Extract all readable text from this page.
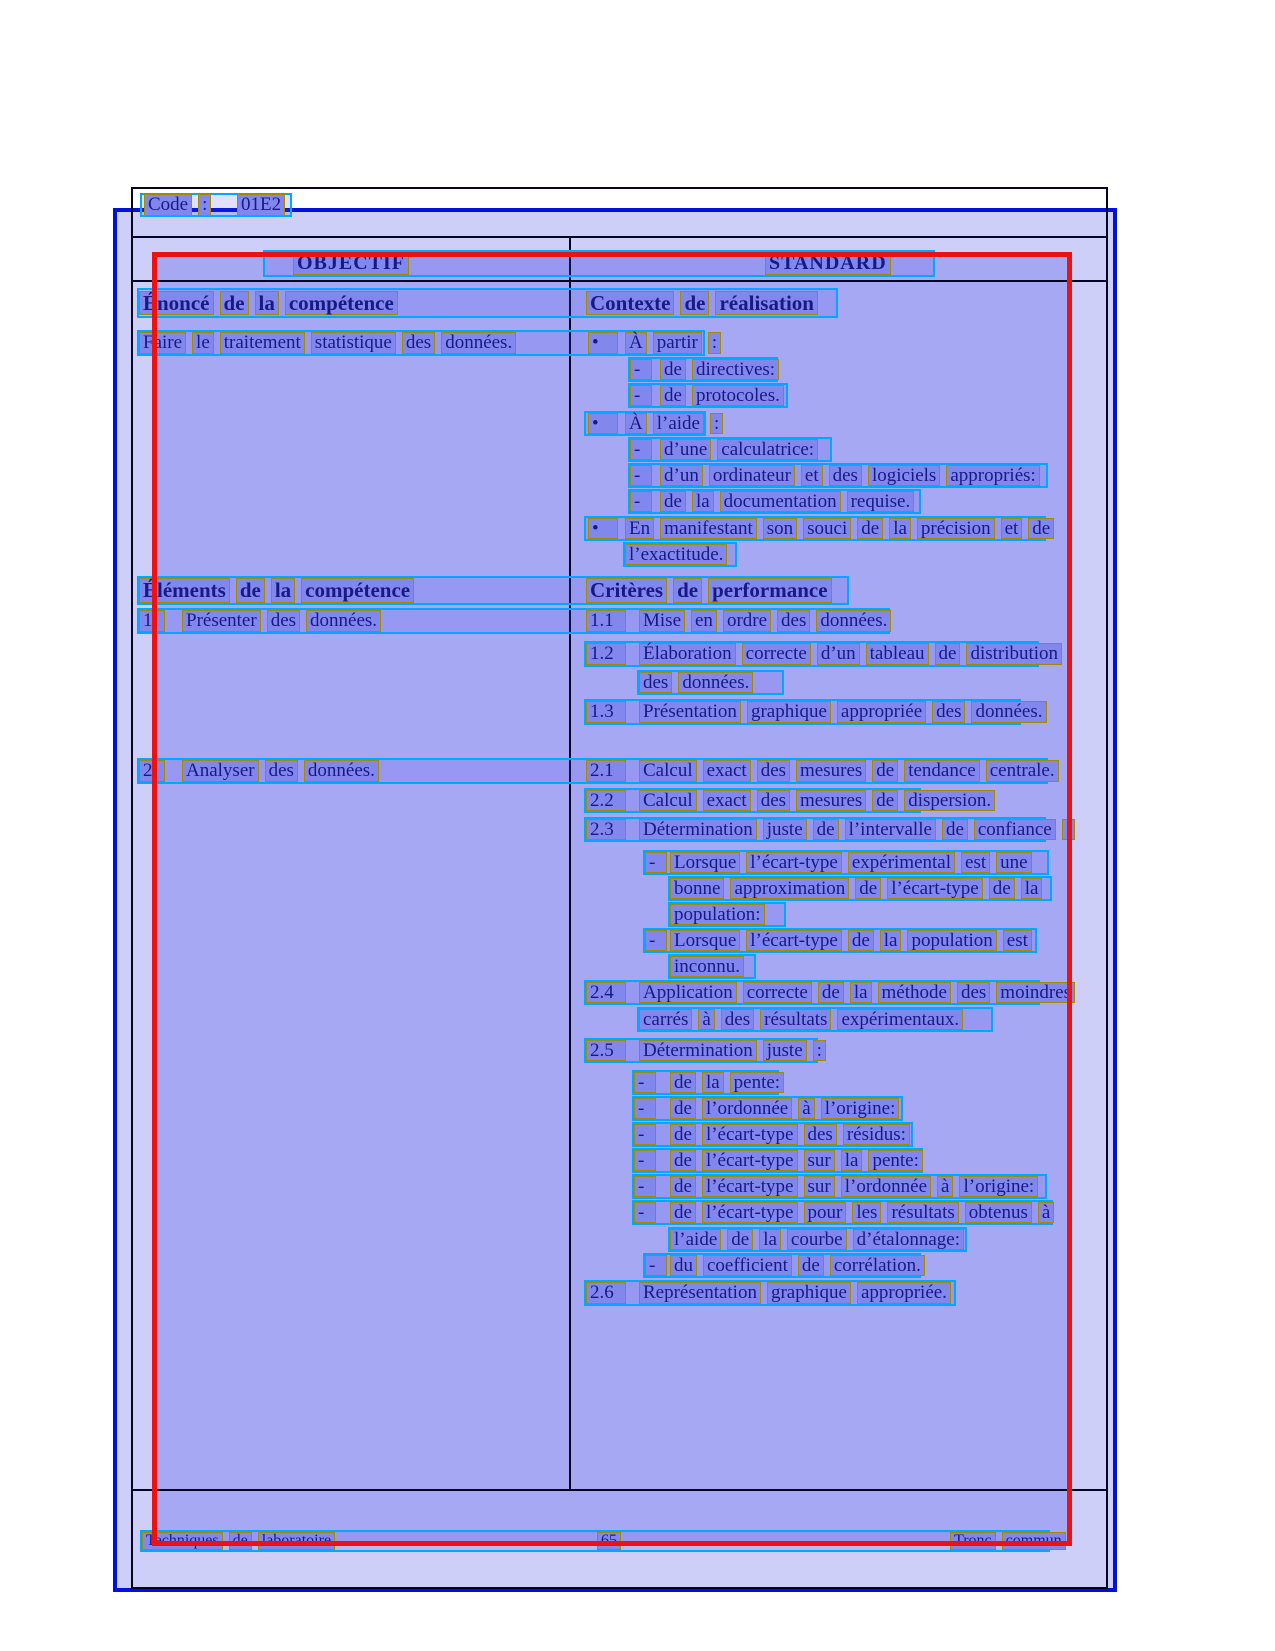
Code : 01E2
OBJECTIF	STANDARD
Énoncé de la compétence	Contexte de réalisation
Faire le traitement statistique des données.	•	À partir :
-	de directives:
-	de protocoles.
•	À l’aide :
-	d’une calculatrice:
-	d’un ordinateur et des logiciels appropriés:
-	de la documentation requise.
•	En manifestant son souci de la précision et de
l’exactitude.
Éléments de la compétence	Critères de performance
1	Présenter des données.	1.1	Mise en ordre des données.
1.2	Élaboration correcte d’un tableau de distribution
des données.
1.3	Présentation graphique appropriée des données.
2	Analyser des données.	2.1	Calcul exact des mesures de tendance centrale.
2.2	Calcul exact des mesures de dispersion.
2.3	Détermination juste de l’intervalle de confiance :
- Lorsque l’écart-type expérimental est une
bonne approximation de l’écart-type de la
population:
- Lorsque l’écart-type de la population est
inconnu.
2.4	Application correcte de la méthode des moindres
carrés à des résultats expérimentaux.
2.5	Détermination juste :
-	de la pente:
-	de l’ordonnée à l’origine:
-	de l’écart-type des résidus:
-	de l’écart-type sur la pente:
-	de l’écart-type sur l’ordonnée à l’origine:
-	de l’écart-type pour les résultats obtenus à
l’aide de la courbe d’étalonnage:
- du coefficient de corrélation.
2.6	Représentation graphique appropriée.
Techniques de laboratoire	65	Tronc commun
